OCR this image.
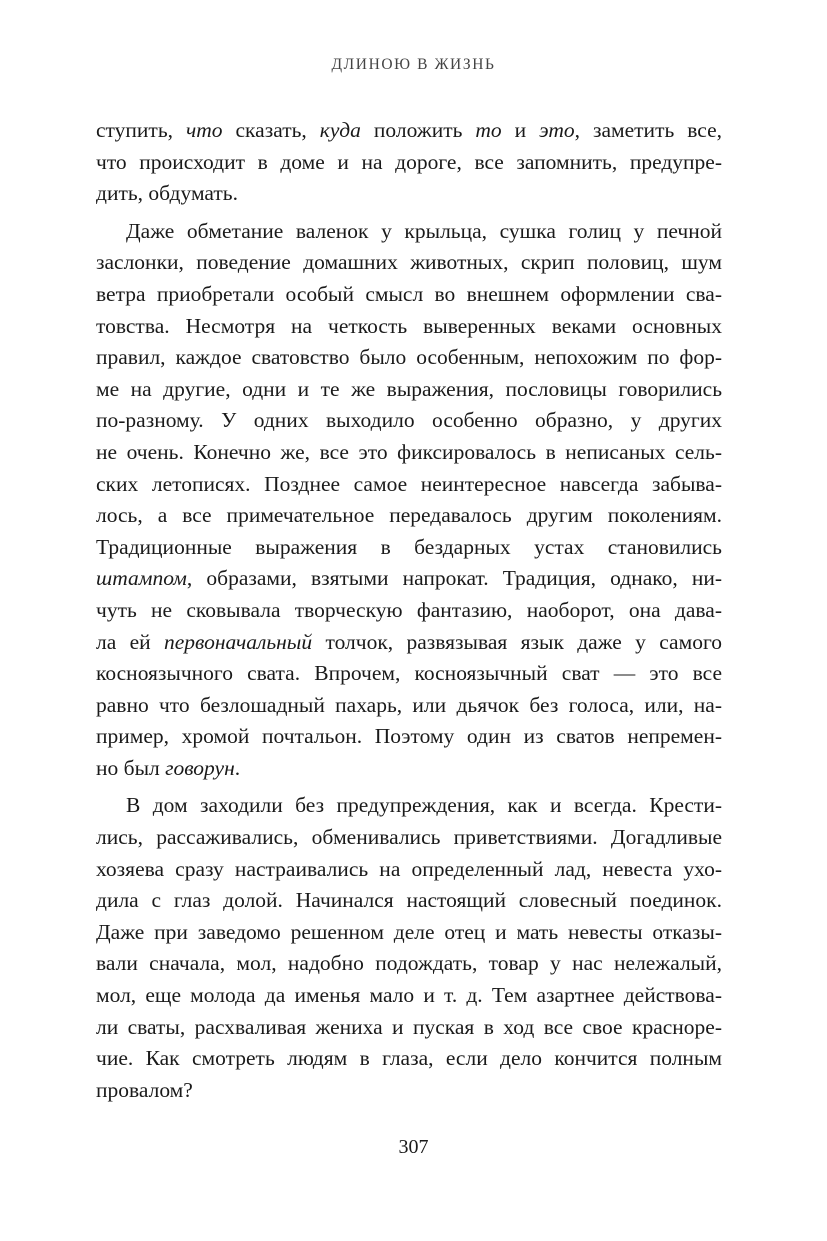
ДЛИНОЮ В ЖИЗНЬ
ступить, что сказать, куда положить то и это, заметить все,
что происходит в доме и на дороге, все запомнить, предупре-
дить, обдумать.
Даже обметание валенок у крыльца, сушка голиц у печной
заслонки, поведение домашних животных, скрип половиц, шум
ветра приобретали особый смысл во внешнем оформлении сва-
товства. Несмотря на четкость выверенных веками основных
правил, каждое сватовство было особенным, непохожим по фор-
ме на другие, одни и те же выражения, пословицы говорились
по-разному. У одних выходило особенно образно, у других
не очень. Конечно же, все это фиксировалось в неписаных сель-
ских летописях. Позднее самое неинтересное навсегда забыва-
лось, а все примечательное передавалось другим поколениям.
Традиционные выражения в бездарных устах становились
штампом, образами, взятыми напрокат. Традиция, однако, ни-
чуть не сковывала творческую фантазию, наоборот, она дава-
ла ей первоначальный толчок, развязывая язык даже у самого
косноязычного свата. Впрочем, косноязычный сват — это все
равно что безлошадный пахарь, или дьячок без голоса, или, на-
пример, хромой почтальон. Поэтому один из сватов непремен-
но был говорун.
В дом заходили без предупреждения, как и всегда. Крести-
лись, рассаживались, обменивались приветствиями. Догадливые
хозяева сразу настраивались на определенный лад, невеста ухо-
дила с глаз долой. Начинался настоящий словесный поединок.
Даже при заведомо решенном деле отец и мать невесты отказы-
вали сначала, мол, надобно подождать, товар у нас нележалый,
мол, еще молода да именья мало и т. д. Тем азартнее действова-
ли сваты, расхваливая жениха и пуская в ход все свое красноре-
чие. Как смотреть людям в глаза, если дело кончится полным
провалом?
307
